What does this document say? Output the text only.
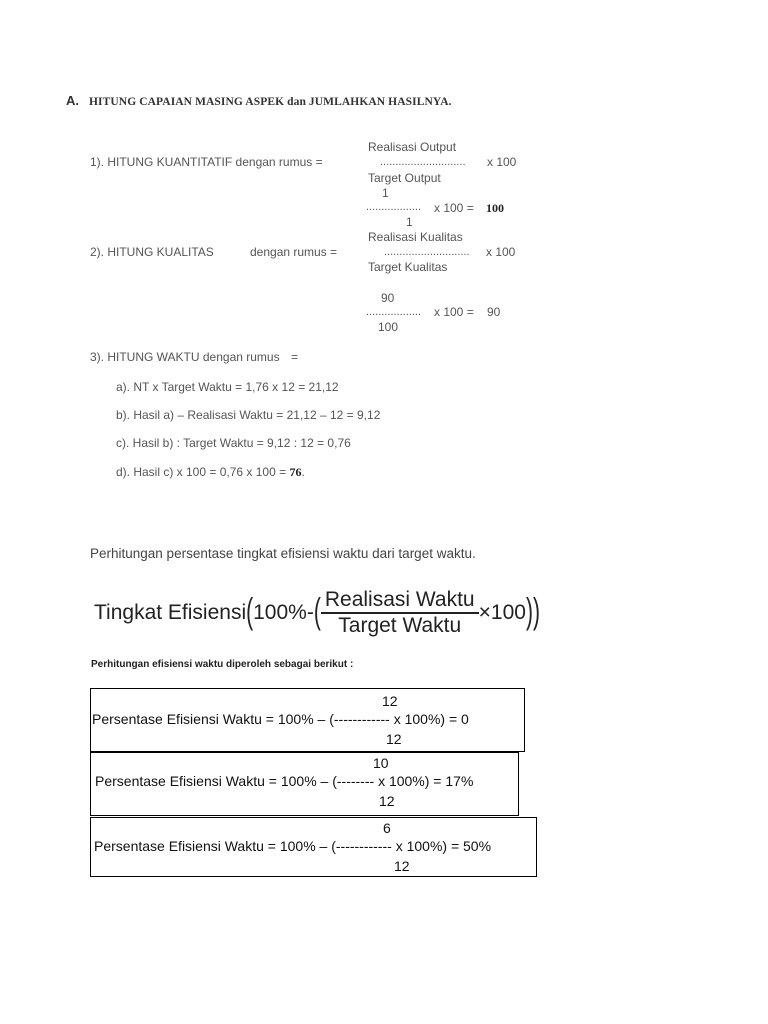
A. HITUNG CAPAIAN MASING ASPEK dan JUMLAHKAN HASILNYA.
1). HITUNG KUANTITATIF dengan rumus =
Realisasi Output
............................ x 100
Target Output
1
.................. x 100 = 100
1
2). HITUNG KUALITAS	dengan rumus =
Realisasi Kualitas
............................ x 100
Target Kualitas
90
.................. x 100 = 90
100
3). HITUNG WAKTU dengan rumus =
a). NT x Target Waktu = 1,76 x 12 = 21,12
b). Hasil a) – Realisasi Waktu = 21,12 – 12 = 9,12
c). Hasil b) : Target Waktu = 9,12 : 12 = 0,76
d). Hasil c) x 100 = 0,76 x 100 = 76.
Perhitungan persentase tingkat efisiensi waktu dari target waktu.
Tingkat Efisiensi(100%-( $\frac{\text{Realisasi Waktu}}{\text{Target Waktu}} \times 100$))
Perhitungan efisiensi waktu diperoleh sebagai berikut :
12
Persentase Efisiensi Waktu = 100% – (------------ x 100%) = 0
12
10
Persentase Efisiensi Waktu = 100% – (-------- x 100%) = 17%
12
6
Persentase Efisiensi Waktu = 100% – (------------ x 100%) = 50%
12
